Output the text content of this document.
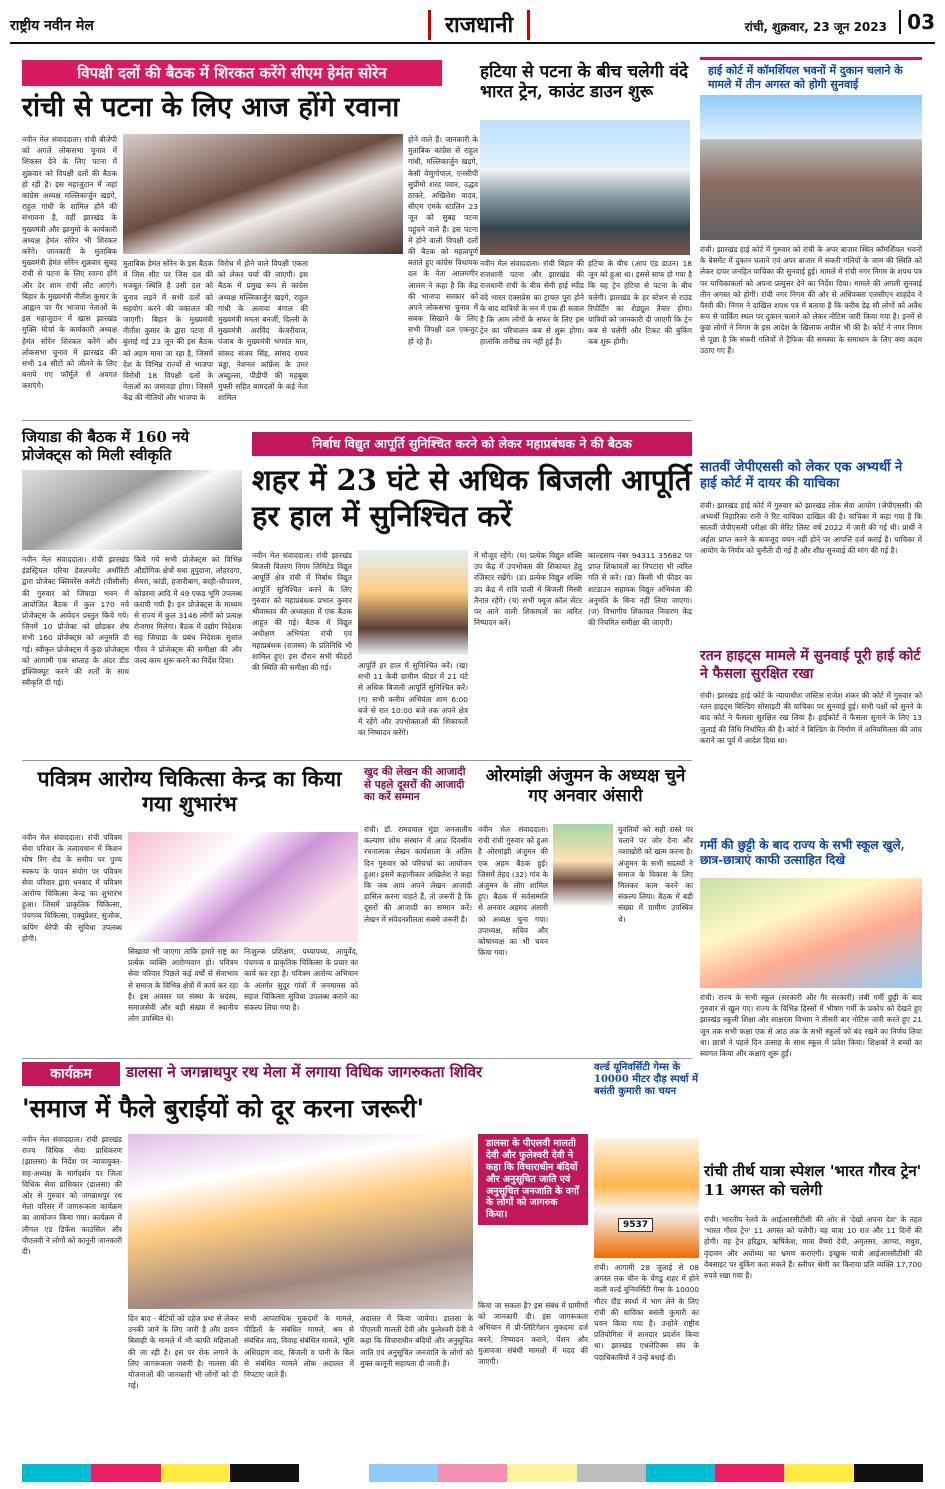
राष्ट्रीय नवीन मेल	राजधानी	रांची, शुक्रवार, 23 जून 2023	03
विपक्षी दलों की बैठक में शिरकत करेंगे सीएम हेमंत सोरेन
रांची से पटना के लिए आज होंगे रवाना
नवीन मेल संवाददाता। रांची बीजेपी को अगले लोकसभा चुनाव में शिकस्त देने के लिए पटना में शुक्रवार को विपक्षी दलों की बैठक हो रही है। इस महाजुटान में जहां कांग्रेस अध्यक्ष मल्लिकार्जुन खड़गे, राहुल गांधी के शामिल होने की संभावना है, वहीं झारखंड के मुख्यमंत्री और झामुमो के कार्यकारी अध्यक्ष हेमंत सोरेन भी शिरकत करेंगे। जानकारी के मुताबिक मुख्यमंत्री हेमंत सोरेन शुक्रवार सुबह रांची से पटना के लिए रवाना होंगे और देर शाम रांची लौट आएंगे। बिहार के मुख्यमंत्री नीतीश कुमार के आह्वान पर गैर भाजपा नेताओं के इस महाजुटान में खास झारखंड मुक्ति मोर्चा के कार्यकारी अध्यक्ष हेमंत सोरेन शिरकत करेंगे और लोकसभा चुनाव में झारखंड की सभी 14 सीटों को जीतने के लिए बनाये गए फॉर्मूले से अवगत कराएंगे।
मुताबिक हेमंत सोरेन के इस बैठक में जिस सीट पर जिस दल की मजबूत स्थिति है उसी दल को चुनाव लड़ने में सभी दलों को सहयोग करने की वकालत की जाएगी। बिहार के मुख्यमंत्री नीतीश कुमार के द्वारा पटना में बुलाई गई 23 जून की इस बैठक को अहम माना जा रहा है, जिसमें देश के विभिन्न राज्यों से भाजपा विरोधी 18 विपक्षी दलों के नेताओं का जमावड़ा होगा। जिसमें केंद्र की नीतियों और भाजपा के
विरोध में होने वाले विपक्षी एकता को लेकर चर्चा की जाएगी। इस बैठक में प्रमुख रूप से कांग्रेस अध्यक्ष मल्लिकार्जुन खड़गे, राहुल गांधी के अलावा बंगाल की मुख्यमंत्री ममता बनर्जी, दिल्ली के मुख्यमंत्री अरविंद केजरीवाल, पंजाब के मुख्यमंत्री भगवंत मान, सांसद संजय सिंह, सांसद राघव चड्ढा, नेशनल कांफ्रेंस के उमर अब्दुल्ला, पीडीपी की महबूबा मुफ्ती सहित बामदलों के कई नेता शामिल
होने वाले हैं। जानकारी के मुताबिक कांग्रेस से राहुल गांधी, मल्लिकार्जुन खड़गे, केसी वेणुगोपाल, एनसीपी सुप्रीमो शरद पवार, उद्धव ठाकरे, अखिलेश यादव, सीएम एमके स्टालिन 23 जून को सुबह पटना पहुंचने वाले हैं। इस पटना में होने वाली विपक्षी दलों की बैठक को महत्वपूर्ण बताते हुए कांग्रेस विधायक दल के नेता आलमगीर आलम ने कहा है कि केंद्र की भाजपा सरकार को अपने लोकसभा चुनाव में सबक सिखाने के लिए सभी विपक्षी दल एकजुट हो रहे हैं।
हटिया से पटना के बीच चलेगी वंदे भारत ट्रेन, काउंट डाउन शुरू
नवीन मेल संवाददाता। रांची बिहार की राजधानी पटना और झारखंड की राजधानी रांची के बीच सेमी हाई स्पीड वंदे भारत एक्सप्रेस का ट्रायल पूरा होने के बाद यात्रियों के मन में एक ही सवाल है कि आम लोगों के सफर के लिए इस ट्रेन का परिचालन कब से शुरू होगा। हालांकि तारीख तय नहीं हुई है।
हटिया के बीच (आप एंड डाउन) 18 जून को हुआ था। इससे साफ हो गया है कि यह ट्रेन हटिया से पटना के बीच चलेगी। झारखंड के हर स्टेशन से राउंड रिपोर्टिंग का शेड्यूल तैयार होगा। यात्रियों को जानकारी दी जाएगी कि ट्रेन कब से चलेगी और टिकट की बुकिंग कब शुरू होगी।
हाई कोर्ट में कॉमर्शियल भवनों में दुकान चलाने के मामले में तीन अगस्त को होगी सुनवाई
रांची। झारखंड हाई कोर्ट में गुरुवार को रांची के अपर बाजार स्थित कॉमर्शियल भवनों के बेसमेंट में दुकान चलाने एवं अपर बाजार में संकरी गलियों के जाम की स्थिति को लेकर दायर जनहित याचिका की सुनवाई हुई। मामले में रांची नगर निगम के शपथ पत्र पर याचिकाकर्ता को अपना प्रत्युत्तर देने का निर्देश दिया। मामले की अगली सुनवाई तीन अगस्त को होगी। रांची नगर निगम की ओर से अधिवक्ता एलसीएन शाहदेव ने पैरवी की। निगम ने दाखिल शपथ पत्र में बताया है कि करीब डेढ़ सौ लोगों को अवैध रूप से पार्किंग स्थल पर दुकान चलाने को लेकर नोटिस जारी किया गया है। इनमें से कुछ लोगों ने निगम के इस आदेश के खिलाफ अपील भी की है। कोर्ट ने नगर निगम से पूछा है कि संकरी गलियों में ट्रैफिक की समस्या के समाधान के लिए क्या कदम उठाए गए हैं।
जियाडा की बैठक में 160 नये प्रोजेक्ट्स को मिली स्वीकृति
नवीन मेल संवाददाता। रांची झारखंड इंडस्ट्रियल एरिया डेवलपमेंट अथॉरिटी द्वारा प्रोजेक्ट क्लियरेंस कमेटी (पीसीसी) की गुरुवार को जियाडा भवन में आयोजित बैठक में कुल 170 नये प्रोजेक्ट्स के आवेदन प्रस्तुत किये गये। जिनमें 10 प्रोजेक्ट को छोड़कर शेष सभी 160 प्रोजेक्ट्स को अनुमति दी गई। स्वीकृत प्रोजेक्ट्स में कुछ प्रोजेक्ट्स को आगामी एक सप्ताह के अंदर डीड इक्जिक्यूट करने की शर्तों के साथ स्वीकृति दी गई।
किये गये सभी प्रोजेक्ट्स को विभिन्न औद्योगिक क्षेत्रों यथा तुपुदाना, लोहरदगा, सेमरा, कांडी, हजारीबाग, बरही-चौपारण, कोडरमा आदि में 49 एकड़ भूमि उपलब्ध करायी गयी है। इन प्रोजेक्ट्स के माध्यम से राज्य में कुल 3146 लोगों को प्रत्यक्ष रोजगार मिलेगा। बैठक में उद्योग निदेशक सह जियाडा के प्रबंध निदेशक सुशांत गौरव ने प्रोजेक्ट्स की समीक्षा की और जल्द काम शुरू करने का निर्देश दिया।
निर्बाध विद्युत आपूर्ति सुनिश्चित करने को लेकर महाप्रबंधक ने की बैठक
शहर में 23 घंटे से अधिक बिजली आपूर्ति हर हाल में सुनिश्चित करें
नवीन मेल संवाददाता। रांची झारखंड बिजली वितरण निगम लिमिटेड विद्युत आपूर्ति क्षेत्र रांची में निर्बाध विद्युत आपूर्ति सुनिश्चित करने के लिए गुरुवार को महाप्रबंधक प्रभात कुमार श्रीवास्तव की अध्यक्षता में एक बैठक आहूत की गई। बैठक में विद्युत अधीक्षण अभियंता रांची एवं महाप्रबंधक (राजस्व) के प्रतिनिधि भी शामिल हुए। इस दौरान सभी फीडरों की स्थिति की समीक्षा की गई।	आपूर्ति हर हाल में सुनिश्चित करें। (ख) सभी 11 केवी ग्रामीण फीडर में 21 घंटे से अधिक बिजली आपूर्ति सुनिश्चित करें। (ग) सभी कनीय अभियंता शाम 6:00 बजे से रात 10:00 बजे तक अपने क्षेत्र में रहेंगे और उपभोक्ताओं की शिकायतों का निष्पादन करेंगे।
में मौजूद रहेंगे। (घ) प्रत्येक विद्युत शक्ति उप केंद्र में उपभोक्ता की शिकायत हेतु रजिस्टर रखेंगे। (ङ) प्रत्येक विद्युत शक्ति उप केंद्र में रात्रि पाली में बिजली मिस्त्री तैनात रहेंगे। (च) सभी फ्यूज कॉल सेंटर पर आने वाली शिकायतों का त्वरित निष्पादन करें।
काल्डसाप नंबर 94311 35682 पर प्राप्त शिकायतों का निपटारा भी त्वरित गति से करें। (छ) किसी भी फीडर का शटडाउन सहायक विद्युत अभियंता की अनुमति के बिना नहीं लिया जाएगा। (ज) विभागीय शिकायत निवारण केंद्र की नियमित समीक्षा की जाएगी।
सातवीं जेपीएससी को लेकर एक अभ्यर्थी ने हाई कोर्ट में दायर की याचिका
रांची। झारखंड हाई कोर्ट में गुरुवार को झारखंड लोक सेवा आयोग (जेपीएससी) की अभ्यर्थी निहारिका रानी ने रिट याचिका दाखिल की है। याचिका में कहा गया है कि सातवीं जेपीएससी परीक्षा की मेरिट लिस्ट वर्ष 2022 में जारी की गई थी। प्रार्थी ने अर्हता प्राप्त करने के बावजूद चयन नहीं होने पर आपत्ति दर्ज कराई है। याचिका में आयोग के निर्णय को चुनौती दी गई है और शीघ्र सुनवाई की मांग की गई है।
रतन हाइट्स मामले में सुनवाई पूरी हाई कोर्ट ने फैसला सुरक्षित रखा
रांची। झारखंड हाई कोर्ट के न्यायाधीश जस्टिस राजेश शंकर की कोर्ट में गुरुवार को रतन हाइट्स बिल्डिंग सोसाइटी की याचिका पर सुनवाई हुई। सभी पक्षों को सुनने के बाद कोर्ट ने फैसला सुरक्षित रख लिया है। हाईकोर्ट ने फैसला सुनाने के लिए 13 जुलाई की तिथि निर्धारित की है। कोर्ट ने बिल्डिंग के निर्माण में अनियमितता की जांच कराने का पूर्व में आदेश दिया था।
पवित्रम आरोग्य चिकित्सा केन्द्र का किया गया शुभारंभ
नवीन मेल संवाददाता। रांची पवित्रम सेवा परिवार के तत्वावधान में किशन घोष रिंग रोड के समीप पर पुण्य स्वरूप के पावन संयोग पर पवित्रम सेवा परिवार द्वारा धनबाद में पवित्रम आरोग्य चिकित्सा केन्द्र का शुभारंभ हुआ। जिसमें प्राकृतिक चिकित्सा, पंचगव्य चिकित्सा, एक्युप्रेशर, सुजोक, कपिंग थेरेपी की सुविधा उपलब्ध होगी।
सिखाया भी जाएगा ताकि हमारे राष्ट्र का प्रत्येक व्यक्ति आरोग्यवान हो। पवित्रम सेवा परिवार पिछले कई वर्षों से सेवाभाव से समाज के विभिन्न क्षेत्रों में कार्य कर रहा है। इस अवसर पर संस्था के सदस्य, समाजसेवी और बड़ी संख्या में स्थानीय लोग उपस्थित थे।
निःशुल्क प्रशिक्षण, पथ्यापथ्य, आयुर्वेद, पंचगव्य व प्राकृतिक चिकित्सा के प्रचार का कार्य कर रहा है। पवित्रम आरोग्य अभियान के अंतर्गत सुदूर गांवों में जनमानस को सहज चिकित्सा सुविधा उपलब्ध कराने का संकल्प लिया गया है।
खुद की लेखन की आजादी से पहले दूसरों की आजादी का करें सम्मान
रांची। डॉ. रामदयाल मुंडा जनजातीय कल्याण शोध संस्थान में आठ दिवसीय रचनात्मक लेखन कार्यशाला के अंतिम दिन गुरुवार को परिचर्चा का आयोजन हुआ। इसमें कहानीकार अखिलेश ने कहा कि जब आप अपने लेखन आजादी हासिल करना चाहते हैं, तो जरूरी है कि दूसरों की आजादी का सम्मान करें। लेखन में संवेदनशीलता सबसे जरूरी है।
ओरमांझी अंजुमन के अध्यक्ष चुने गए अनवार अंसारी
नवीन मेल संवाददाता। रांची रांची गुरुवार को हुआ है ओरमांझी अंजुमन की एक अहम बैठक हुई। जिसमें तेहद (32) गांव के अंजुमन के लोग शामिल हुए। बैठक में सर्वसम्मति से अनवार अहमद अंसारी को अध्यक्ष चुना गया। उपाध्यक्ष, सचिव और कोषाध्यक्ष का भी चयन किया गया।
युवतियों को सही रास्ते पर चलाने पर जोर देना और नशाखोरी को खत्म करना है। अंजुमन के सभी सदस्यों ने समाज के विकास के लिए मिलकर काम करने का संकल्प लिया। बैठक में बड़ी संख्या में ग्रामीण उपस्थित थे।
गर्मी की छुट्टी के बाद राज्य के सभी स्कूल खुले, छात्र-छात्राएं काफी उत्साहित दिखे
रांची। राज्य के सभी स्कूल (सरकारी और गैर सरकारी) लंबी गर्मी छुट्टी के बाद गुरुवार से खुल गए। राज्य के विभिन्न हिस्सों में भीषण गर्मी के प्रकोप को देखते हुए झारखंड स्कूली शिक्षा और साक्षरता विभाग ने तीसरी बार नोटिस जारी करते हुए 21 जून तक सभी कक्षा एक से आठ तक के सभी स्कूलों को बंद रखने का निर्णय लिया था। छात्रों ने पहले दिन उत्साह के साथ स्कूल में प्रवेश किया। शिक्षकों ने बच्चों का स्वागत किया और कक्षाएं शुरू हुईं।
कार्यक्रम	डालसा ने जगन्नाथपुर रथ मेला में लगाया विधिक जागरुकता शिविर
'समाज में फैले बुराईयों को दूर करना जरूरी'
नवीन मेल संवाददाता। रांची झारखंड राज्य विधिक सेवा प्राधिकरण (झालसा) के निर्देश पर न्यायायुक्त-सह-अध्यक्ष के मार्गदर्शन पर जिला विधिक सेवा प्राधिकार (डालसा) की ओर से गुरुवार को जगन्नाथपुर रथ मेला परिसर में जागरूकता कार्यक्रम का आयोजन किया गया। कार्यक्रम में लीगल एड डिफेंस काउंसिल और पीएलवी ने लोगों को कानूनी जानकारी दी।
दिन बाद - बेटियों को दहेज प्रथा से लेकर उनकी जाने के लिए जारी है और डायन बिसाही के मामले में भी काफी महिलाओं की जा रही है। इस पर रोक लगाने के लिए जागरूकता जरूरी है। नालसा की योजनाओं की जानकारी भी लोगों को दी गई।
सभी आपराधिक मुकदमों के मामले, पीड़ितों के संबंधित मामले, श्रम से संबंधित वाद, विवाह संबंधित मामले, भूमि अधिग्रहण वाद, बिजली व पानी के बिल से संबंधित मामले लोक अदालत में निपटाए जाते हैं।
अदालत में किया जायेगा। डालसा के पीएलवी मालती देवी और फुलेश्वरी देवी ने कहा कि विचाराधीन बंदियों और अनुसूचित जाति एवं अनुसूचित जनजाति के लोगों को मुफ्त कानूनी सहायता दी जाती है।
डालसा के पीएलवी मालती देवी और फुलेश्वरी देवी ने कहा कि विचाराधीन बंदियों और अनुसूचित जाति एवं अनुसूचित जनजाति के वर्गों के लोगों को जागरुक किया।
किया जा सकता है? इस संबंध में ग्रामीणों को जानकारी दी। इस जागरूकता अभियान में प्री-लिटिगेशन मुकदमा दर्ज करने, निष्पादन कराने, पेंशन और मुआवजा संबंधी मामलों में मदद की जाएगी।
वर्ल्ड यूनिवर्सिटी गेम्स के 10000 मीटर दौड़ स्पर्धा में बसंती कुमारी का चयन
9537
रांची। आगामी 28 जुलाई से 08 अगस्त तक चीन के चेंगडू शहर में होने वाली वर्ल्ड यूनिवर्सिटी गेम्स के 10000 मीटर दौड़ स्पर्धा में भाग लेने के लिए रांची की धाविका बसंती कुमारी का चयन किया गया है। उन्होंने राष्ट्रीय प्रतियोगिता में शानदार प्रदर्शन किया था। झारखंड एथलेटिक्स संघ के पदाधिकारियों ने उन्हें बधाई दी।
रांची तीर्थ यात्रा स्पेशल 'भारत गौरव ट्रेन' 11 अगस्त को चलेगी
रांची। भारतीय रेलवे के आईआरसीटीसी की ओर से 'देखो अपना देश' के तहत 'भारत गौरव ट्रेन' 11 अगस्त को चलेगी। यह यात्रा 10 रात और 11 दिनों की होगी। यह ट्रेन हरिद्वार, ऋषिकेश, माता वैष्णो देवी, अमृतसर, आगरा, मथुरा, वृंदावन और अयोध्या का भ्रमण कराएगी। इच्छुक यात्री आईआरसीटीसी की वेबसाइट पर बुकिंग करा सकते हैं। स्लीपर श्रेणी का किराया प्रति व्यक्ति 17,700 रुपये रखा गया है।
